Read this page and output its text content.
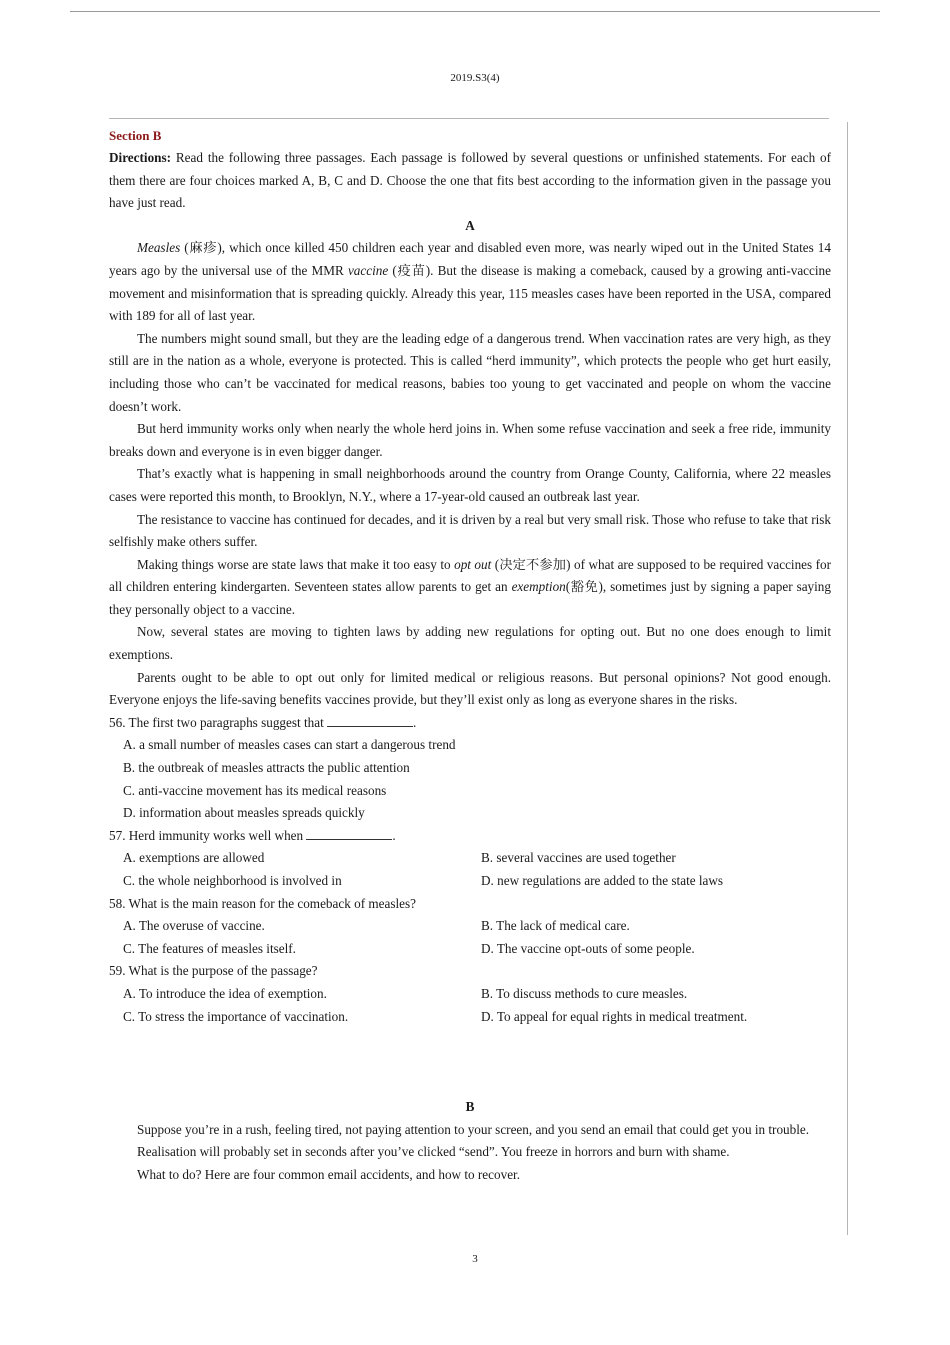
2019.S3(4)
Section B

Directions: Read the following three passages. Each passage is followed by several questions or unfinished statements. For each of them there are four choices marked A, B, C and D. Choose the one that fits best according to the information given in the passage you have just read.

A

Measles (麻疹), which once killed 450 children each year and disabled even more, was nearly wiped out in the United States 14 years ago by the universal use of the MMR vaccine (疫苗). But the disease is making a comeback, caused by a growing anti-vaccine movement and misinformation that is spreading quickly. Already this year, 115 measles cases have been reported in the USA, compared with 189 for all of last year.

The numbers might sound small, but they are the leading edge of a dangerous trend. When vaccination rates are very high, as they still are in the nation as a whole, everyone is protected. This is called “herd immunity”, which protects the people who get hurt easily, including those who can’t be vaccinated for medical reasons, babies too young to get vaccinated and people on whom the vaccine doesn’t work.

But herd immunity works only when nearly the whole herd joins in. When some refuse vaccination and seek a free ride, immunity breaks down and everyone is in even bigger danger.

That’s exactly what is happening in small neighborhoods around the country from Orange County, California, where 22 measles cases were reported this month, to Brooklyn, N.Y., where a 17-year-old caused an outbreak last year.

The resistance to vaccine has continued for decades, and it is driven by a real but very small risk. Those who refuse to take that risk selfishly make others suffer.

Making things worse are state laws that make it too easy to opt out (决定不参加) of what are supposed to be required vaccines for all children entering kindergarten. Seventeen states allow parents to get an exemption(豁免), sometimes just by signing a paper saying they personally object to a vaccine.

Now, several states are moving to tighten laws by adding new regulations for opting out. But no one does enough to limit exemptions.

Parents ought to be able to opt out only for limited medical or religious reasons. But personal opinions? Not good enough. Everyone enjoys the life-saving benefits vaccines provide, but they’ll exist only as long as everyone shares in the risks.

56. The first two paragraphs suggest that	.

A. a small number of measles cases can start a dangerous trend

B. the outbreak of measles attracts the public attention

C. anti-vaccine movement has its medical reasons

D. information about measles spreads quickly

57. Herd immunity works well when	.

A. exemptions are allowed	B. several vaccines are used together
C. the whole neighborhood is involved in	D. new regulations are added to the state laws

58. What is the main reason for the comeback of measles?

A. The overuse of vaccine.	B. The lack of medical care.
C. The features of measles itself.	D. The vaccine opt-outs of some people.

59. What is the purpose of the passage?

A. To introduce the idea of exemption.	B. To discuss methods to cure measles.
C. To stress the importance of vaccination.	D. To appeal for equal rights in medical treatment.

B

Suppose you’re in a rush, feeling tired, not paying attention to your screen, and you send an email that could get you in trouble.

Realisation will probably set in seconds after you’ve clicked “send”. You freeze in horrors and burn with shame.

What to do? Here are four common email accidents, and how to recover.

3
